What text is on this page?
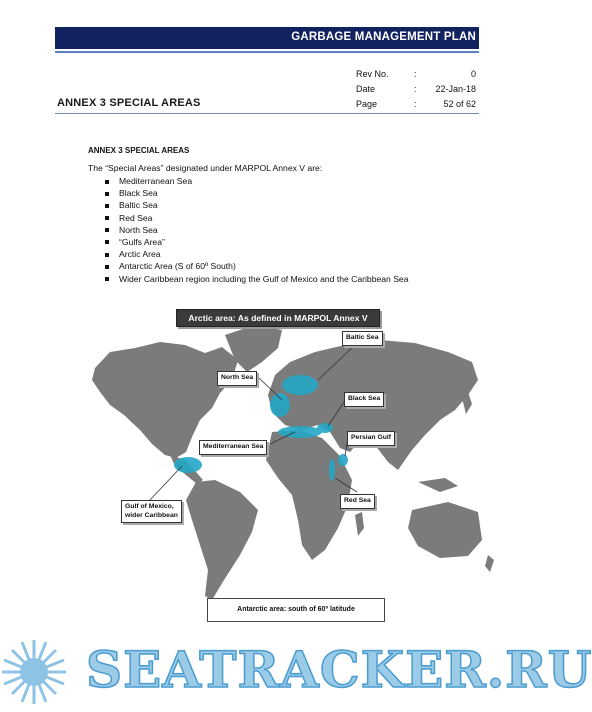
GARBAGE MANAGEMENT PLAN
Rev No.	:	0
Date	:	22-Jan-18
Page	:	52 of 62
ANNEX 3 SPECIAL AREAS
ANNEX 3 SPECIAL AREAS
The “Special Areas” designated under MARPOL Annex V are:
Mediterranean Sea
Black Sea
Baltic Sea
Red Sea
North Sea
“Gulfs Area”
Arctic Area
Antarctic Area (S of 60º South)
Wider Caribbean region including the Gulf of Mexico and the Caribbean Sea
Arctic area: As defined in MARPOL Annex V
Baltic Sea
North Sea
Black Sea
Mediterranean Sea
Persian Gulf
Gulf of Mexico,
wider Caribbean
Red Sea
Antarctic area: south of 60º latitude
SEATRACKER.RU
